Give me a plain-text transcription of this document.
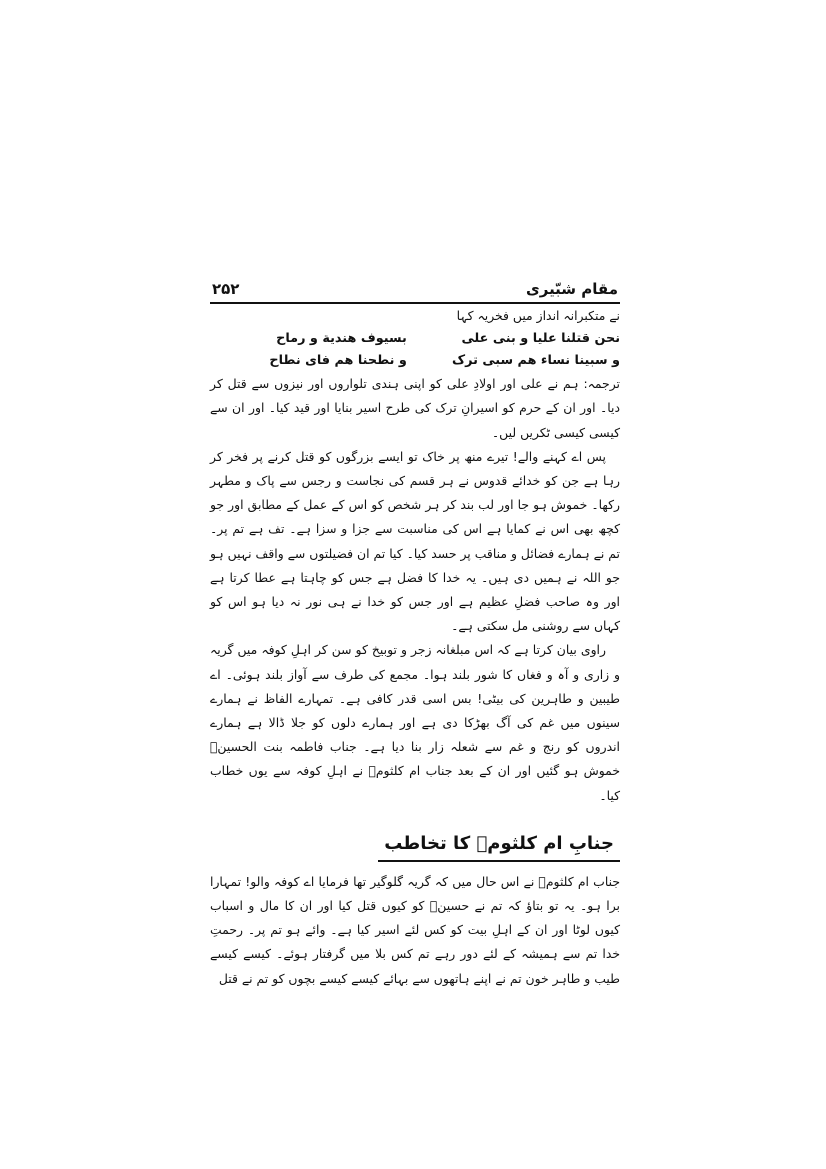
مقام شبّیری
۲۵۲

نے متکبرانہ انداز میں فخریہ کہا

نحن قتلنا علیا و بنی علی
بسیوف ھندیة و رماح
و سبینا نساء ھم سبی ترک
و نطحنا ھم فای نطاح

ترجمہ: ہم نے علی اور اولادِ علی کو اپنی ہندی تلواروں اور نیزوں سے قتل کر دیا۔ اور ان کے حرم کو اسیرانِ ترک کی طرح اسیر بنایا اور قید کیا۔ اور ان سے کیسی کیسی ٹکریں لیں۔

پس اے کہنے والے! تیرے منھ پر خاک تو ایسے بزرگوں کو قتل کرنے پر فخر کر رہا ہے جن کو خدائے قدوس نے ہر قسم کی نجاست و رجس سے پاک و مطہر رکھا۔ خموش ہو جا اور لب بند کر ہر شخص کو اس کے عمل کے مطابق اور جو کچھ بھی اس نے کمایا ہے اس کی مناسبت سے جزا و سزا ہے۔ تف ہے تم پر۔ تم نے ہمارے فضائل و مناقب پر حسد کیا۔ کیا تم ان فضیلتوں سے واقف نہیں ہو جو اللہ نے ہمیں دی ہیں۔ یہ خدا کا فضل ہے جس کو چاہتا ہے عطا کرتا ہے اور وہ صاحب فضلِ عظیم ہے اور جس کو خدا نے ہی نور نہ دیا ہو اس کو کہاں سے روشنی مل سکتی ہے۔

راوی بیان کرتا ہے کہ اس مبلغانہ زجر و توبیخ کو سن کر اہلِ کوفہ میں گریہ و زاری و آہ و فغاں کا شور بلند ہوا۔ مجمع کی طرف سے آواز بلند ہوئی۔ اے طیبین و طاہرین کی بیٹی! بس اسی قدر کافی ہے۔ تمہارے الفاظ نے ہمارے سینوں میں غم کی آگ بھڑکا دی ہے اور ہمارے دلوں کو جلا ڈالا ہے ہمارے اندروں کو رنج و غم سے شعلہ زار بنا دیا ہے۔ جناب فاطمہ بنت الحسینؑ خموش ہو گئیں اور ان کے بعد جناب ام کلثومؑ نے اہلِ کوفہ سے یوں خطاب کیا۔

جنابِ ام کلثومؑ کا تخاطب

جناب ام کلثومؑ نے اس حال میں کہ گریہ گلوگیر تھا فرمایا اے کوفہ والو! تمہارا برا ہو۔ یہ تو بتاؤ کہ تم نے حسینؑ کو کیوں قتل کیا اور ان کا مال و اسباب کیوں لوٹا اور ان کے اہلِ بیت کو کس لئے اسیر کیا ہے۔ وائے ہو تم پر۔ رحمتِ خدا تم سے ہمیشہ کے لئے دور رہے تم کس بلا میں گرفتار ہوئے۔ کیسے کیسے طیب و طاہر خون تم نے اپنے ہاتھوں سے بہائے کیسے کیسے بچوں کو تم نے قتل
